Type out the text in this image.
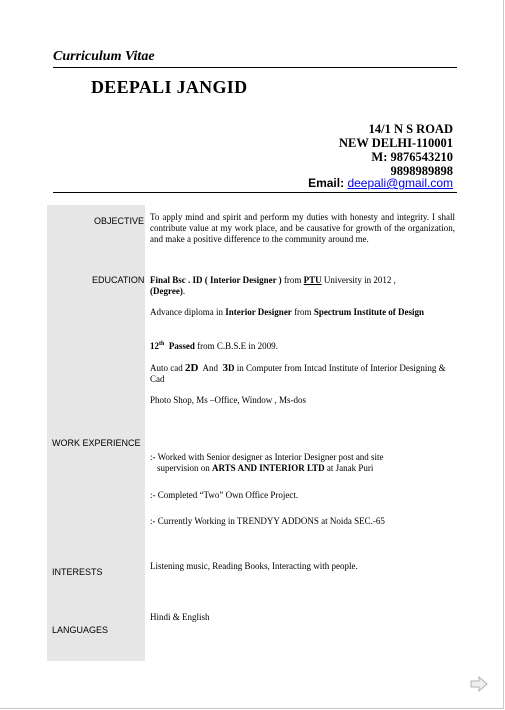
Curriculum Vitae
DEEPALI JANGID
14/1 N S ROAD
NEW DELHI-110001
M: 9876543210
9898989898
Email: deepali@gmail.com
OBJECTIVE To apply mind and spirit and perform my duties with honesty and integrity. I shall contribute value at my work place, and be causative for growth of the organization, and make a positive difference to the community around me.
EDUCATION Final Bsc . ID ( Interior Designer ) from PTU University in 2012 ,
(Degree).
Advance diploma in Interior Designer from Spectrum Institute of Design
12th Passed from C.B.S.E in 2009.
Auto cad 2D  And  3D in Computer from Intcad Institute of Interior Designing & Cad
Photo Shop, Ms –Office, Window , Ms-dos
WORK EXPERIENCE
:- Worked with Senior designer as Interior Designer post and site
supervision on ARTS AND INTERIOR LTD at Janak Puri
:- Completed “Two” Own Office Project.
:- Currently Working in TRENDYY ADDONS at Noida SEC.-65
INTERESTS
Listening music, Reading Books, Interacting with people.
LANGUAGES
Hindi & English
